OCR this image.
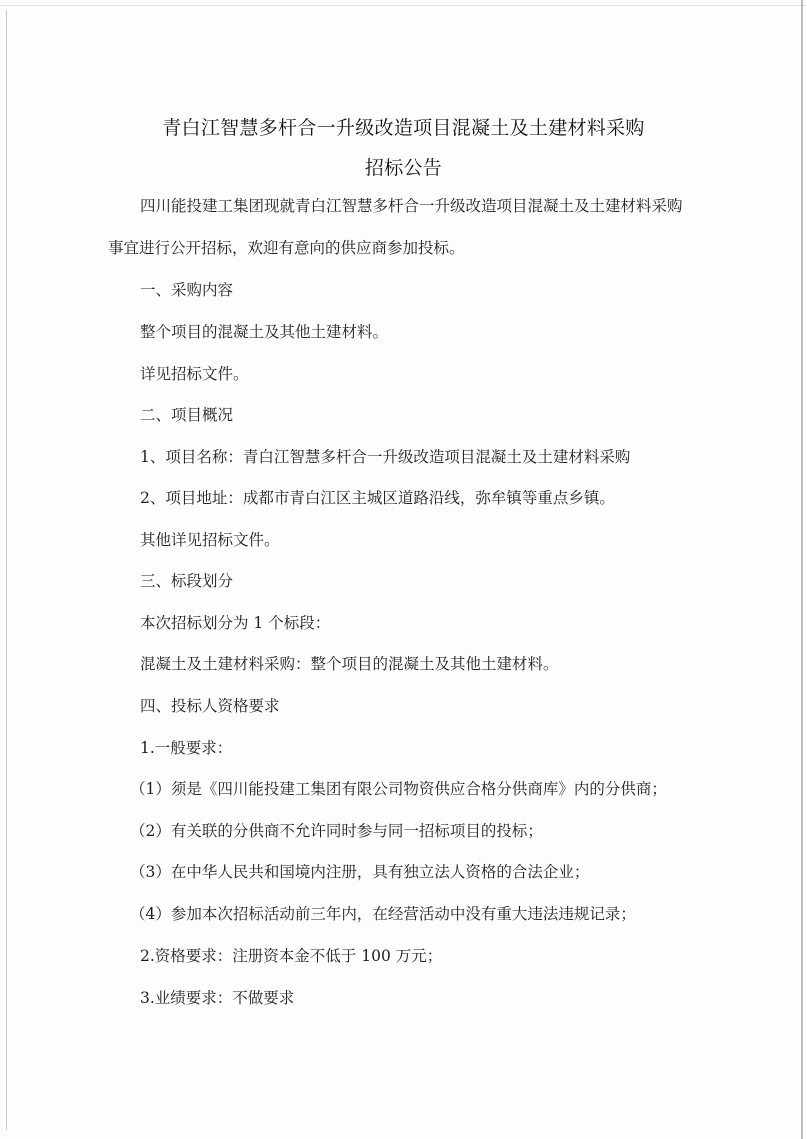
青白江智慧多杆合一升级改造项目混凝土及土建材料采购
招标公告
四川能投建工集团现就青白江智慧多杆合一升级改造项目混凝土及土建材料采购
事宜进行公开招标，欢迎有意向的供应商参加投标。
一、采购内容
整个项目的混凝土及其他土建材料。
详见招标文件。
二、项目概况
1、项目名称：青白江智慧多杆合一升级改造项目混凝土及土建材料采购
2、项目地址：成都市青白江区主城区道路沿线，弥牟镇等重点乡镇。
其他详见招标文件。
三、标段划分
本次招标划分为 1 个标段：
混凝土及土建材料采购：整个项目的混凝土及其他土建材料。
四、投标人资格要求
1.一般要求：
（1）须是《四川能投建工集团有限公司物资供应合格分供商库》内的分供商；
（2）有关联的分供商不允许同时参与同一招标项目的投标；
（3）在中华人民共和国境内注册，具有独立法人资格的合法企业；
（4）参加本次招标活动前三年内，在经营活动中没有重大违法违规记录；
2.资格要求：注册资本金不低于 100 万元；
3.业绩要求：不做要求
